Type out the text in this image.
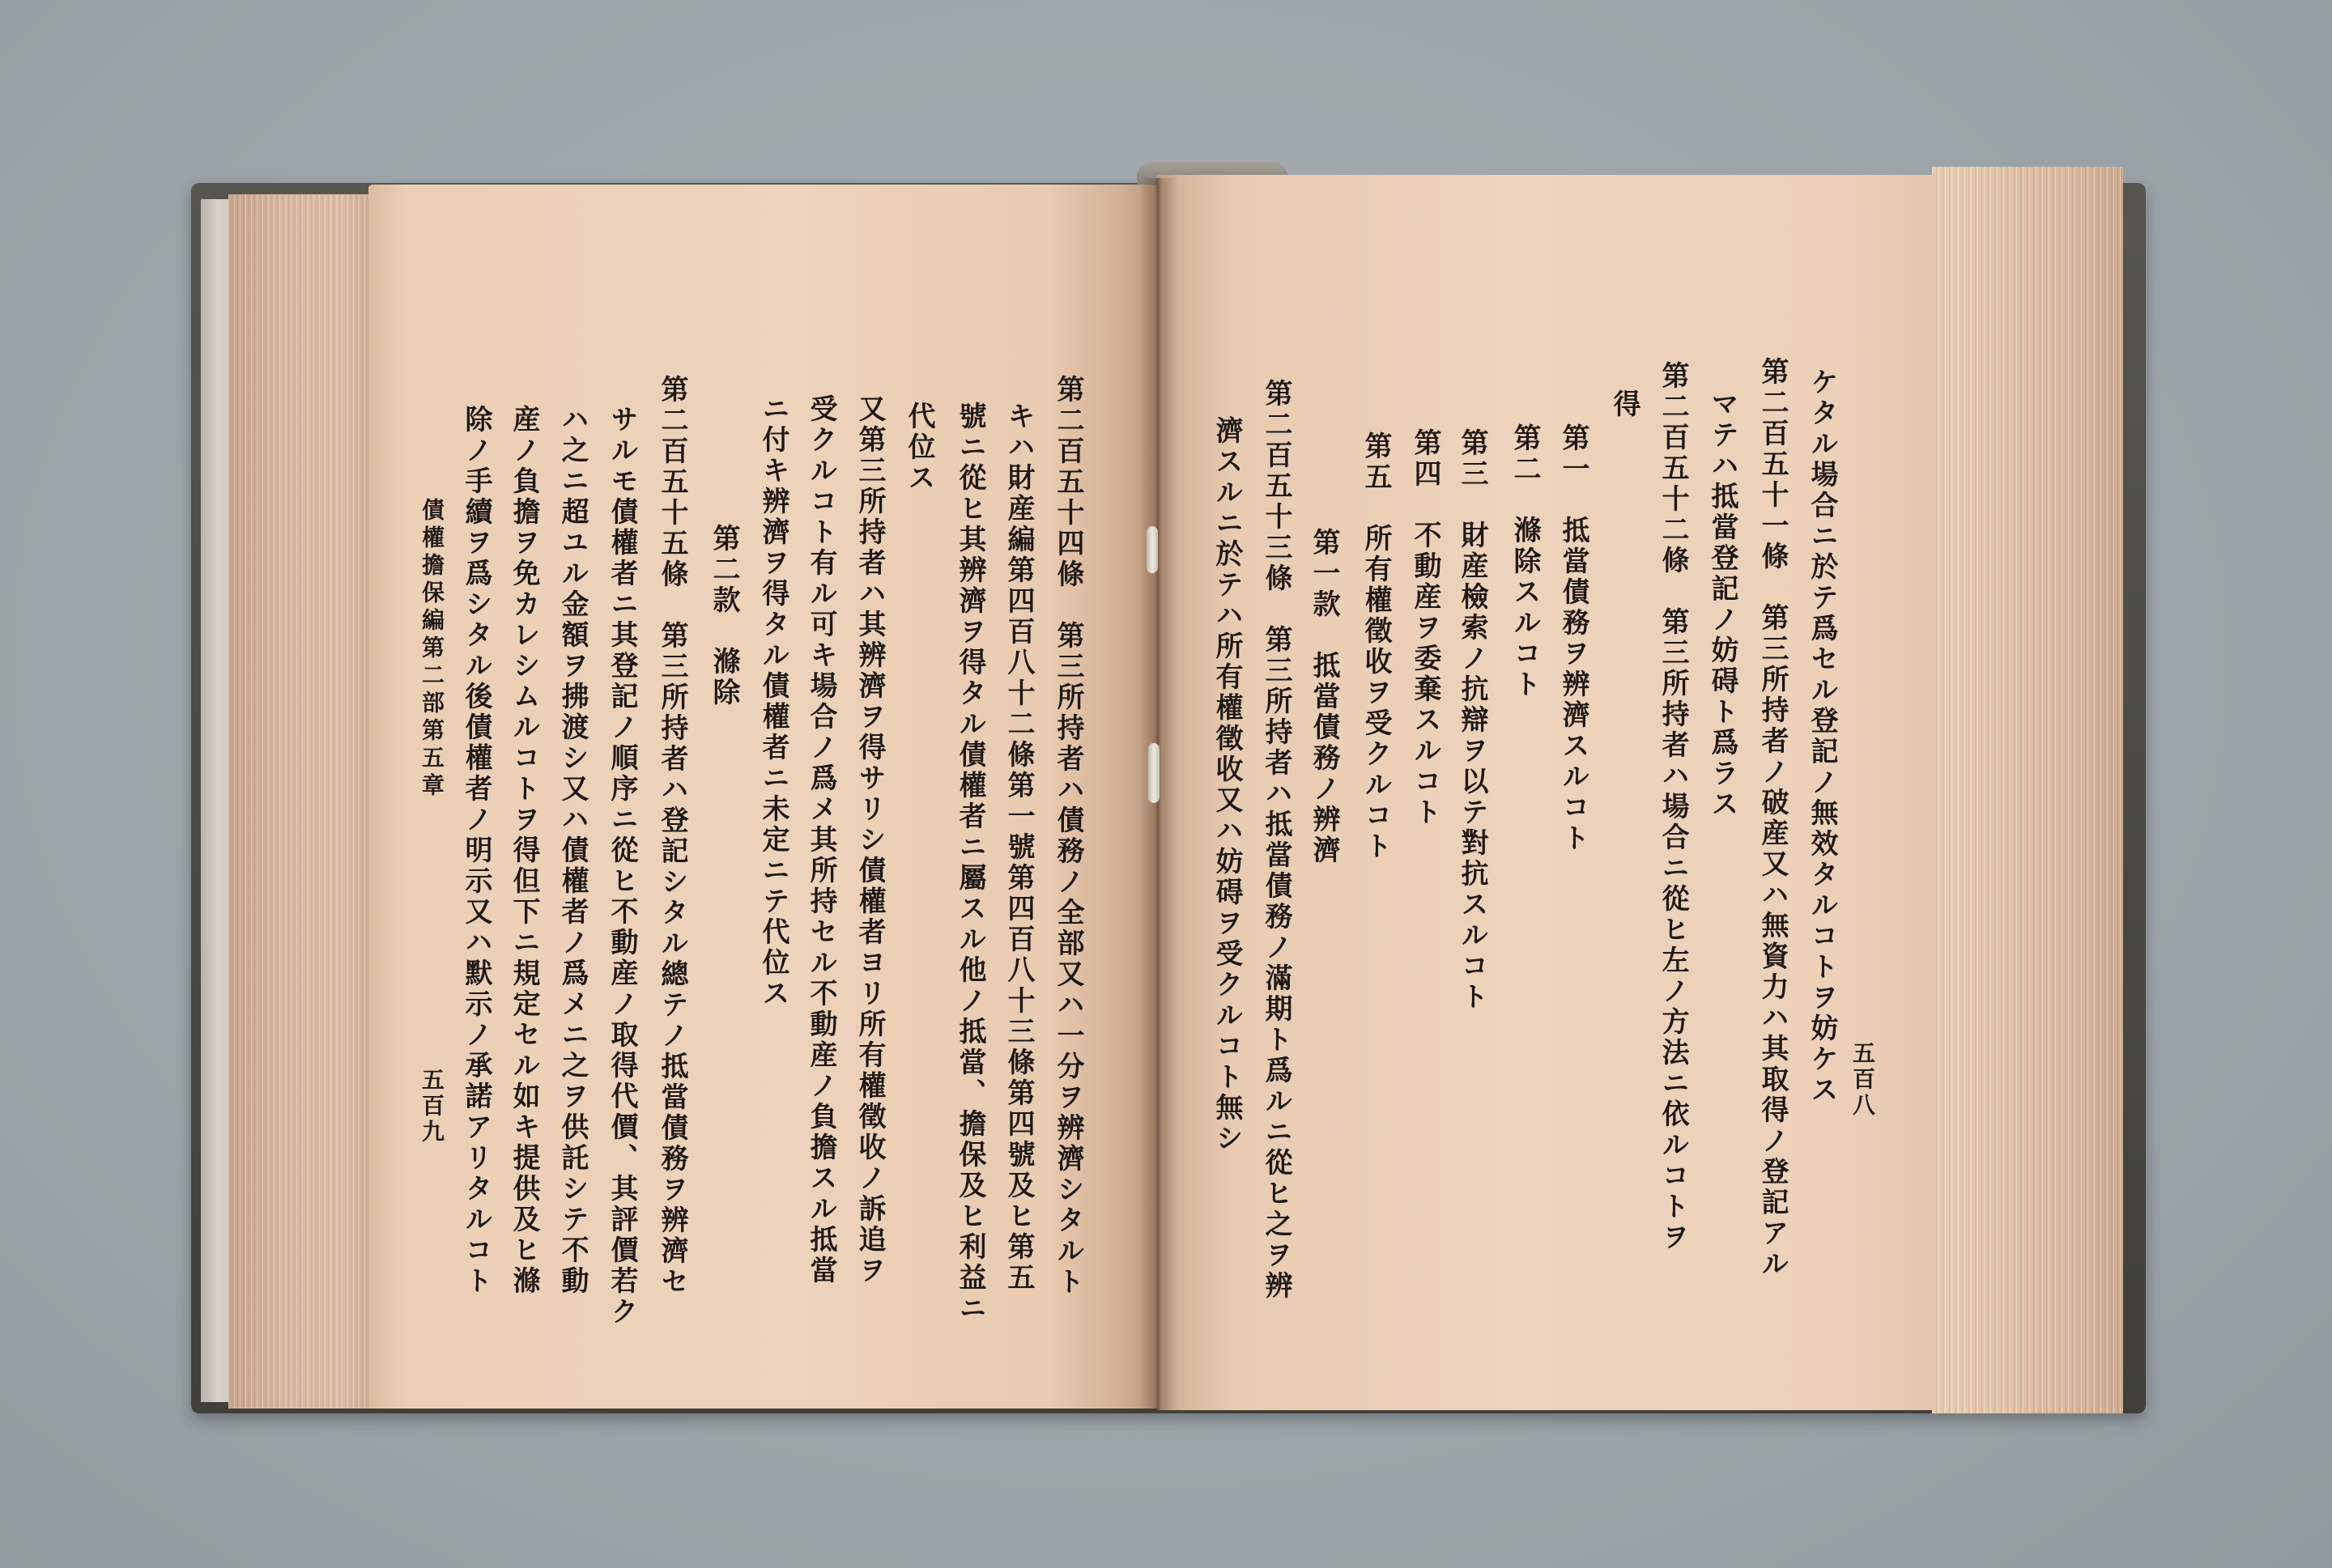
ケタル場合ニ於テ爲セル登記ノ無效タルコトヲ妨ケス
第二百五十一條　第三所持者ノ破産又ハ無資力ハ其取得ノ登記アル
マテハ抵當登記ノ妨碍ト爲ラス
第二百五十二條　第三所持者ハ場合ニ從ヒ左ノ方法ニ依ルコトヲ
得
第一　抵當債務ヲ辨濟スルコト
第二　滌除スルコト
第三　財産檢索ノ抗辯ヲ以テ對抗スルコト
第四　不動産ヲ委棄スルコト
第五　所有權徵收ヲ受クルコト
第一款　抵當債務ノ辨濟
第二百五十三條　第三所持者ハ抵當債務ノ滿期ト爲ルニ從ヒ之ヲ辨
濟スルニ於テハ所有權徵收又ハ妨碍ヲ受クルコト無シ	五百八
第二百五十四條　第三所持者ハ債務ノ全部又ハ一分ヲ辨濟シタルト
キハ財産編第四百八十二條第一號第四百八十三條第四號及ヒ第五
號ニ從ヒ其辨濟ヲ得タル債權者ニ屬スル他ノ抵當、擔保及ヒ利益ニ
代位ス
又第三所持者ハ其辨濟ヲ得サリシ債權者ヨリ所有權徵收ノ訴追ヲ
受クルコト有ル可キ場合ノ爲メ其所持セル不動産ノ負擔スル抵當
ニ付キ辨濟ヲ得タル債權者ニ未定ニテ代位ス
第二款　滌除
第二百五十五條　第三所持者ハ登記シタル總テノ抵當債務ヲ辨濟セ
サルモ債權者ニ其登記ノ順序ニ從ヒ不動産ノ取得代價、其評價若ク
ハ之ニ超ユル金額ヲ拂渡シ又ハ債權者ノ爲メニ之ヲ供託シテ不動
産ノ負擔ヲ免カレシムルコトヲ得但下ニ規定セル如キ提供及ヒ滌
除ノ手續ヲ爲シタル後債權者ノ明示又ハ默示ノ承諾アリタルコト
債權擔保編第二部第五章
五百九
